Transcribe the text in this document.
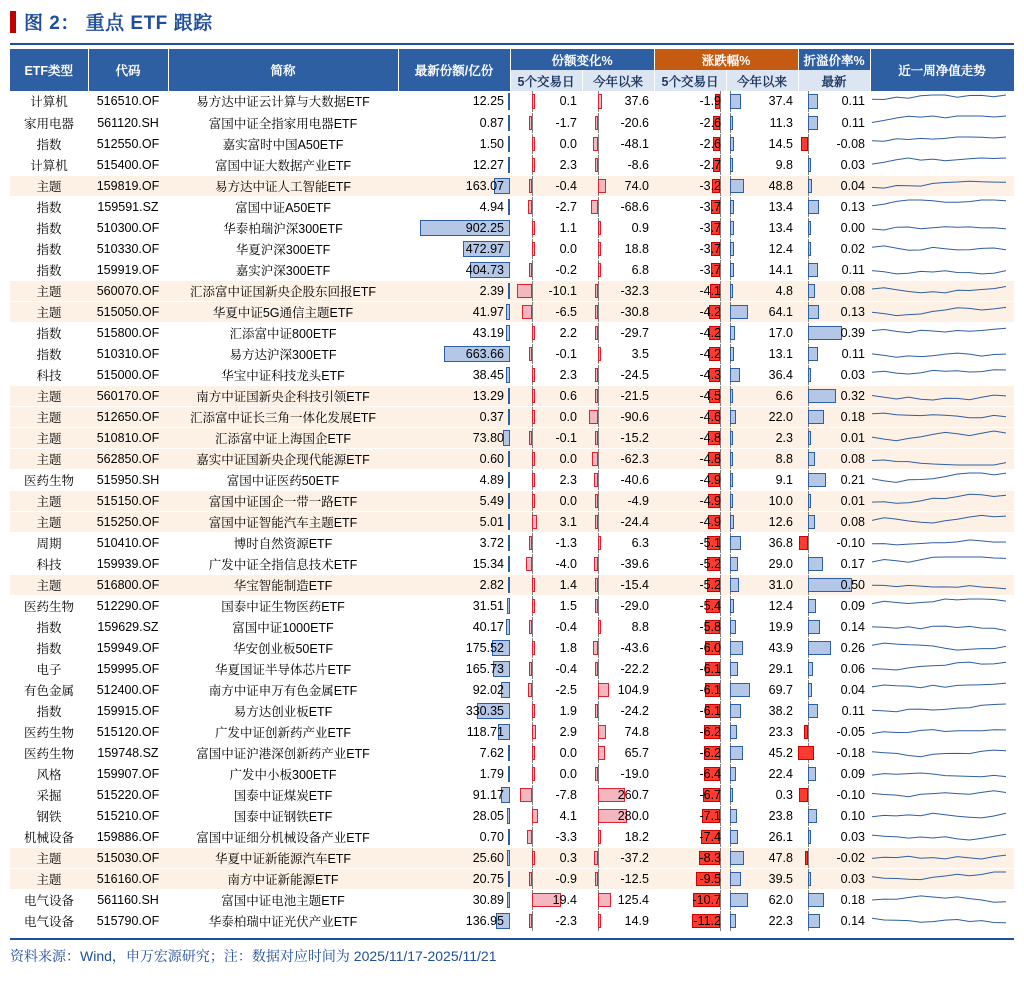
图 2： 重点 ETF 跟踪
ETF类型	代码	简称	最新份额/亿份	份额变化%		涨跌幅%		折溢价率%	近一周净值走势
				5个交易日	今年以来	5个交易日	今年以来	最新	
计算机	516510.OF	易方达中证云计算与大数据ETF	12.25	0.1	37.6	-1.9	37.4	0.11

家用电器	561120.SH	富国中证全指家用电器ETF	0.87	-1.7	-20.6	-2.6	11.3	0.11

指数	512550.OF	嘉实富时中国A50ETF	1.50	0.0	-48.1	-2.6	14.5	-0.08

计算机	515400.OF	富国中证大数据产业ETF	12.27	2.3	-8.6	-2.7	9.8	0.03

主题	159819.OF	易方达中证人工智能ETF	163.07	-0.4	74.0	-3.2	48.8	0.04

指数	159591.SZ	富国中证A50ETF	4.94	-2.7	-68.6	-3.7	13.4	0.13

指数	510300.OF	华泰柏瑞沪深300ETF	902.25	1.1	0.9	-3.7	13.4	0.00

指数	510330.OF	华夏沪深300ETF	472.97	0.0	18.8	-3.7	12.4	0.02

指数	159919.OF	嘉实沪深300ETF	404.73	-0.2	6.8	-3.7	14.1	0.11

主题	560070.OF	汇添富中证国新央企股东回报ETF	2.39	-10.1	-32.3	-4.1	4.8	0.08

主题	515050.OF	华夏中证5G通信主题ETF	41.97	-6.5	-30.8	-4.2	64.1	0.13

指数	515800.OF	汇添富中证800ETF	43.19	2.2	-29.7	-4.2	17.0	0.39

指数	510310.OF	易方达沪深300ETF	663.66	-0.1	3.5	-4.2	13.1	0.11

科技	515000.OF	华宝中证科技龙头ETF	38.45	2.3	-24.5	-4.3	36.4	0.03

主题	560170.OF	南方中证国新央企科技引领ETF	13.29	0.6	-21.5	-4.5	6.6	0.32

主题	512650.OF	汇添富中证长三角一体化发展ETF	0.37	0.0	-90.6	-4.6	22.0	0.18

主题	510810.OF	汇添富中证上海国企ETF	73.80	-0.1	-15.2	-4.8	2.3	0.01

主题	562850.OF	嘉实中证国新央企现代能源ETF	0.60	0.0	-62.3	-4.8	8.8	0.08

医药生物	515950.SH	富国中证医药50ETF	4.89	2.3	-40.6	-4.9	9.1	0.21

主题	515150.OF	富国中证国企一带一路ETF	5.49	0.0	-4.9	-4.9	10.0	0.01

主题	515250.OF	富国中证智能汽车主题ETF	5.01	3.1	-24.4	-4.9	12.6	0.08

周期	510410.OF	博时自然资源ETF	3.72	-1.3	6.3	-5.1	36.8	-0.10

科技	159939.OF	广发中证全指信息技术ETF	15.34	-4.0	-39.6	-5.2	29.0	0.17

主题	516800.OF	华宝智能制造ETF	2.82	1.4	-15.4	-5.2	31.0	0.50

医药生物	512290.OF	国泰中证生物医药ETF	31.51	1.5	-29.0	-5.4	12.4	0.09

指数	159629.SZ	富国中证1000ETF	40.17	-0.4	8.8	-5.8	19.9	0.14

指数	159949.OF	华安创业板50ETF	175.52	1.8	-43.6	-6.0	43.9	0.26

电子	159995.OF	华夏国证半导体芯片ETF	165.73	-0.4	-22.2	-6.1	29.1	0.06

有色金属	512400.OF	南方中证申万有色金属ETF	92.02	-2.5	104.9	-6.1	69.7	0.04

指数	159915.OF	易方达创业板ETF	330.35	1.9	-24.2	-6.1	38.2	0.11

医药生物	515120.OF	广发中证创新药产业ETF	118.71	2.9	74.8	-6.2	23.3	-0.05

医药生物	159748.SZ	富国中证沪港深创新药产业ETF	7.62	0.0	65.7	-6.2	45.2	-0.18

风格	159907.OF	广发中小板300ETF	1.79	0.0	-19.0	-6.4	22.4	0.09

采掘	515220.OF	国泰中证煤炭ETF	91.17	-7.8	260.7	-6.7	0.3	-0.10

钢铁	515210.OF	国泰中证钢铁ETF	28.05	4.1	280.0	-7.1	23.8	0.10

机械设备	159886.OF	富国中证细分机械设备产业ETF	0.70	-3.3	18.2	-7.4	26.1	0.03

主题	515030.OF	华夏中证新能源汽车ETF	25.60	0.3	-37.2	-8.3	47.8	-0.02

主题	516160.OF	南方中证新能源ETF	20.75	-0.9	-12.5	-9.5	39.5	0.03

电气设备	561160.SH	富国中证电池主题ETF	30.89	19.4	125.4	-10.7	62.0	0.18

电气设备	515790.OF	华泰柏瑞中证光伏产业ETF	136.95	-2.3	14.9	-11.2	22.3	0.14

资料来源：Wind，申万宏源研究；注：数据对应时间为 2025/11/17-2025/11/21
